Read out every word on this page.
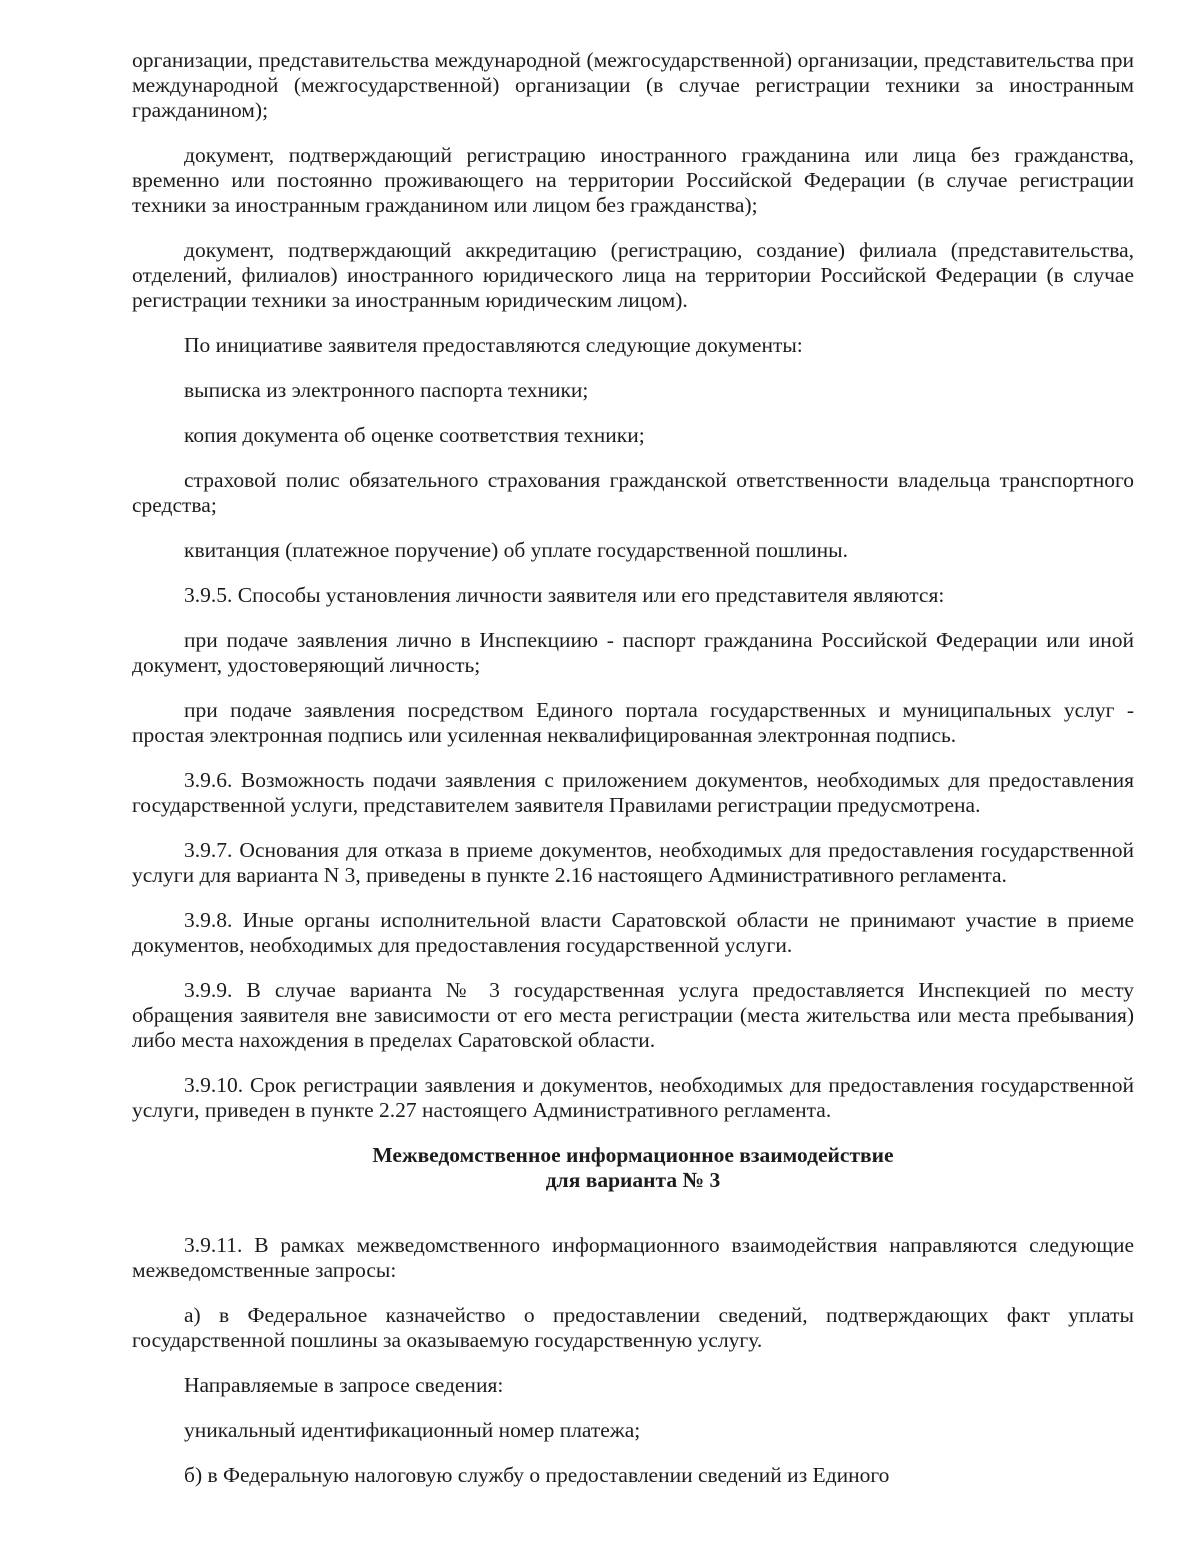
организации, представительства международной (межгосударственной) организации, представительства при международной (межгосударственной) организации (в случае регистрации техники за иностранным гражданином);

документ, подтверждающий регистрацию иностранного гражданина или лица без гражданства, временно или постоянно проживающего на территории Российской Федерации (в случае регистрации техники за иностранным гражданином или лицом без гражданства);

документ, подтверждающий аккредитацию (регистрацию, создание) филиала (представительства, отделений, филиалов) иностранного юридического лица на территории Российской Федерации (в случае регистрации техники за иностранным юридическим лицом).

По инициативе заявителя предоставляются следующие документы:

выписка из электронного паспорта техники;

копия документа об оценке соответствия техники;

страховой полис обязательного страхования гражданской ответственности владельца транспортного средства;

квитанция (платежное поручение) об уплате государственной пошлины.

3.9.5. Способы установления личности заявителя или его представителя являются:

при подаче заявления лично в Инспекциию - паспорт гражданина Российской Федерации или иной документ, удостоверяющий личность;

при подаче заявления посредством Единого портала государственных и муниципальных услуг - простая электронная подпись или усиленная неквалифицированная электронная подпись.

3.9.6. Возможность подачи заявления с приложением документов, необходимых для предоставления государственной услуги, представителем заявителя Правилами регистрации предусмотрена.

3.9.7. Основания для отказа в приеме документов, необходимых для предоставления государственной услуги для варианта N 3, приведены в пункте 2.16 настоящего Административного регламента.

3.9.8. Иные органы исполнительной власти Саратовской области не принимают участие в приеме документов, необходимых для предоставления государственной услуги.

3.9.9. В случае варианта № 3 государственная услуга предоставляется Инспекцией по месту обращения заявителя вне зависимости от его места регистрации (места жительства или места пребывания) либо места нахождения в пределах Саратовской области.

3.9.10. Срок регистрации заявления и документов, необходимых для предоставления государственной услуги, приведен в пункте 2.27 настоящего Административного регламента.

Межведомственное информационное взаимодействие
для варианта № 3

3.9.11. В рамках межведомственного информационного взаимодействия направляются следующие межведомственные запросы:

а) в Федеральное казначейство о предоставлении сведений, подтверждающих факт уплаты государственной пошлины за оказываемую государственную услугу.

Направляемые в запросе сведения:

уникальный идентификационный номер платежа;

б) в Федеральную налоговую службу о предоставлении сведений из Единого
